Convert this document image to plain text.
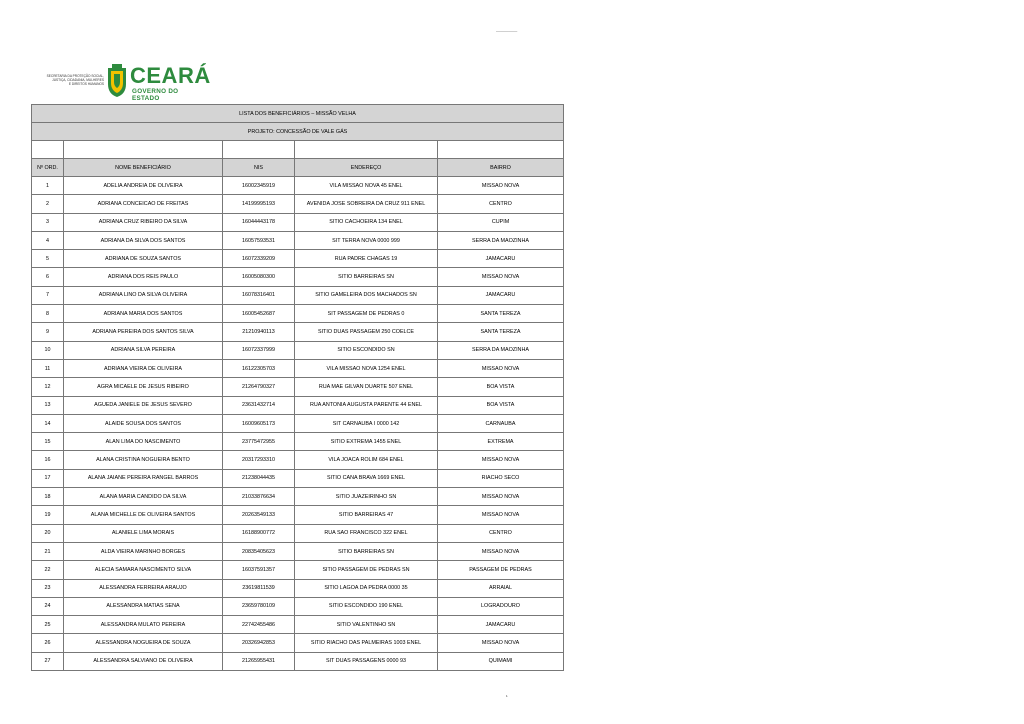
──────────
SECRETARIA DA PROTEÇÃO SOCIAL,
JUSTIÇA, CIDADANIA, MULHERES
E DIREITOS HUMANOS CEARÁ
GOVERNO DO ESTADO
LISTA DOS BENEFICIÁRIOS – MISSÃO VELHA				
PROJETO: CONCESSÃO DE VALE GÁS				

Nº ORD.	NOME BENEFICIÁRIO	NIS	ENDEREÇO	BAIRRO
1	ADELIA ANDREIA DE OLIVEIRA	16002345919	VILA MISSAO NOVA 45 ENEL	MISSAO NOVA
2	ADRIANA CONCEICAO DE FREITAS	14199995193	AVENIDA JOSE SOBREIRA DA CRUZ 911 ENEL	CENTRO
3	ADRIANA CRUZ RIBEIRO DA SILVA	16044443178	SITIO CACHOEIRA 134 ENEL	CUPIM
4	ADRIANA DA SILVA DOS SANTOS	16057593531	SIT TERRA NOVA 0000 999	SERRA DA MAOZINHA
5	ADRIANA DE SOUZA SANTOS	16072339209	RUA PADRE CHAGAS 19	JAMACARU
6	ADRIANA DOS REIS PAULO	16005080300	SITIO BARREIRAS SN	MISSAO NOVA
7	ADRIANA LINO DA SILVA OLIVEIRA	16078316401	SITIO GAMELEIRA DOS MACHADOS SN	JAMACARU
8	ADRIANA MARIA DOS SANTOS	16005452687	SIT PASSAGEM DE PEDRAS 0	SANTA TEREZA
9	ADRIANA PEREIRA DOS SANTOS SILVA	21210940113	SITIO DUAS PASSAGEM 250 COELCE	SANTA TEREZA
10	ADRIANA SILVA PEREIRA	16072337999	SITIO ESCONDIDO SN	SERRA DA MAOZINHA
11	ADRIANA VIEIRA DE OLIVEIRA	16122305703	VILA MISSAO NOVA 1254 ENEL	MISSAO NOVA
12	AGRA MICAELE DE JESUS RIBEIRO	21264790327	RUA MAE GILVAN DUARTE 507 ENEL	BOA VISTA
13	AGUEDA JANIELE DE JESUS SEVERO	23631432714	RUA ANTONIA AUGUSTA PARENTE 44 ENEL	BOA VISTA
14	ALAIDE SOUSA DOS SANTOS	16009605173	SIT CARNAUBA I 0000 142	CARNAUBA
15	ALAN LIMA DO NASCIMENTO	23775472955	SITIO EXTREMA 1455 ENEL	EXTREMA
16	ALANA CRISTINA NOGUEIRA BENTO	20317293310	VILA JOACA ROLIM 684 ENEL	MISSAO NOVA
17	ALANA JAIANE PEREIRA RANGEL BARROS	21238044435	SITIO CANA BRAVA 1669 ENEL	RIACHO SECO
18	ALANA MARIA CANDIDO DA SILVA	21033876634	SITIO JUAZEIRINHO SN	MISSAO NOVA
19	ALANA MICHELLE DE OLIVEIRA SANTOS	20263549133	SITIO BARREIRAS 47	MISSAO NOVA
20	ALANIELE LIMA MORAIS	16188900772	RUA SAO FRANCISCO 322 ENEL	CENTRO
21	ALDA VIEIRA MARINHO BORGES	20835405623	SITIO BARREIRAS SN	MISSAO NOVA
22	ALECIA SAMARA NASCIMENTO SILVA	16037591357	SITIO PASSAGEM DE PEDRAS SN	PASSAGEM DE PEDRAS
23	ALESSANDRA FERREIRA ARAUJO	23619811539	SITIO LAGOA DA PEDRA 0000 35	ARRAIAL
24	ALESSANDRA MATIAS SENA	23659780109	SITIO ESCONDIDO 190 ENEL	LOGRADOURO
25	ALESSANDRA MULATO PEREIRA	22742455486	SITIO VALENTINHO SN	JAMACARU
26	ALESSANDRA NOGUEIRA DE SOUZA	20326942853	SITIO RIACHO DAS PALMEIRAS 1003 ENEL	MISSAO NOVA
27	ALESSANDRA SALVIANO DE OLIVEIRA	21265955431	SIT DUAS PASSAGENS 0000 93	QUIMAMI
1
